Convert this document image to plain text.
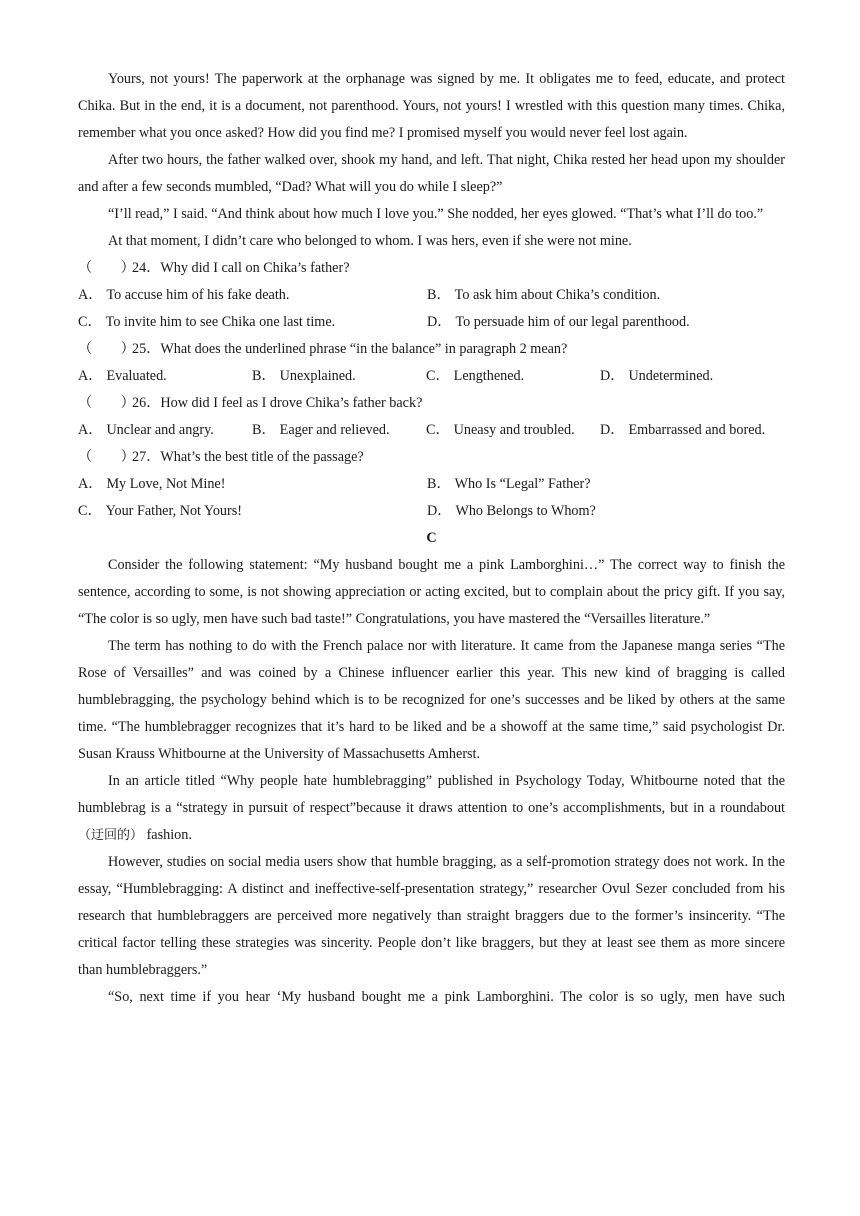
Yours, not yours! The paperwork at the orphanage was signed by me. It obligates me to feed, educate, and protect Chika. But in the end, it is a document, not parenthood. Yours, not yours! I wrestled with this question many times. Chika, remember what you once asked? How did you find me? I promised myself you would never feel lost again.

After two hours, the father walked over, shook my hand, and left. That night, Chika rested her head upon my shoulder and after a few seconds mumbled, “Dad? What will you do while I sleep?”

“I’ll read,” I said. “And think about how much I love you.” She nodded, her eyes glowed. “That’s what I’ll do too.”

At that moment, I didn’t care who belonged to whom. I was hers, even if she were not mine.

（　　）24．Why did I call on Chika’s father?
A． To accuse him of his fake death.	B． To ask him about Chika’s condition.
C． To invite him to see Chika one last time.	D． To persuade him of our legal parenthood.
（　　）25．What does the underlined phrase “in the balance” in paragraph 2 mean?
A． Evaluated.	B． Unexplained.	C． Lengthened.	D． Undetermined.
（　　）26．How did I feel as I drove Chika’s father back?
A． Unclear and angry.	B． Eager and relieved.	C． Uneasy and troubled.	D． Embarrassed and bored.
（　　）27．What’s the best title of the passage?
A． My Love, Not Mine!	B． Who Is “Legal” Father?
C． Your Father, Not Yours!	D． Who Belongs to Whom?
C

Consider the following statement: “My husband bought me a pink Lamborghini…” The correct way to finish the sentence, according to some, is not showing appreciation or acting excited, but to complain about the pricy gift. If you say, “The color is so ugly, men have such bad taste!” Congratulations, you have mastered the “Versailles literature.”

The term has nothing to do with the French palace nor with literature. It came from the Japanese manga series “The Rose of Versailles” and was coined by a Chinese influencer earlier this year. This new kind of bragging is called humblebragging, the psychology behind which is to be recognized for one’s successes and be liked by others at the same time. “The humblebragger recognizes that it’s hard to be liked and be a showoff at the same time,” said psychologist Dr. Susan Krauss Whitbourne at the University of Massachusetts Amherst.

In an article titled “Why people hate humblebragging” published in Psychology Today, Whitbourne noted that the humblebrag is a “strategy in pursuit of respect”because it draws attention to one’s accomplishments, but in a roundabout （迂回的） fashion.

However, studies on social media users show that humble bragging, as a self-promotion strategy does not work. In the essay, “Humblebragging: A distinct and ineffective-self-presentation strategy,” researcher Ovul Sezer concluded from his research that humblebraggers are perceived more negatively than straight braggers due to the former’s insincerity. “The critical factor telling these strategies was sincerity. People don’t like braggers, but they at least see them as more sincere than humblebraggers.”

“So, next time if you hear ‘My husband bought me a pink Lamborghini. The color is so ugly, men have such
